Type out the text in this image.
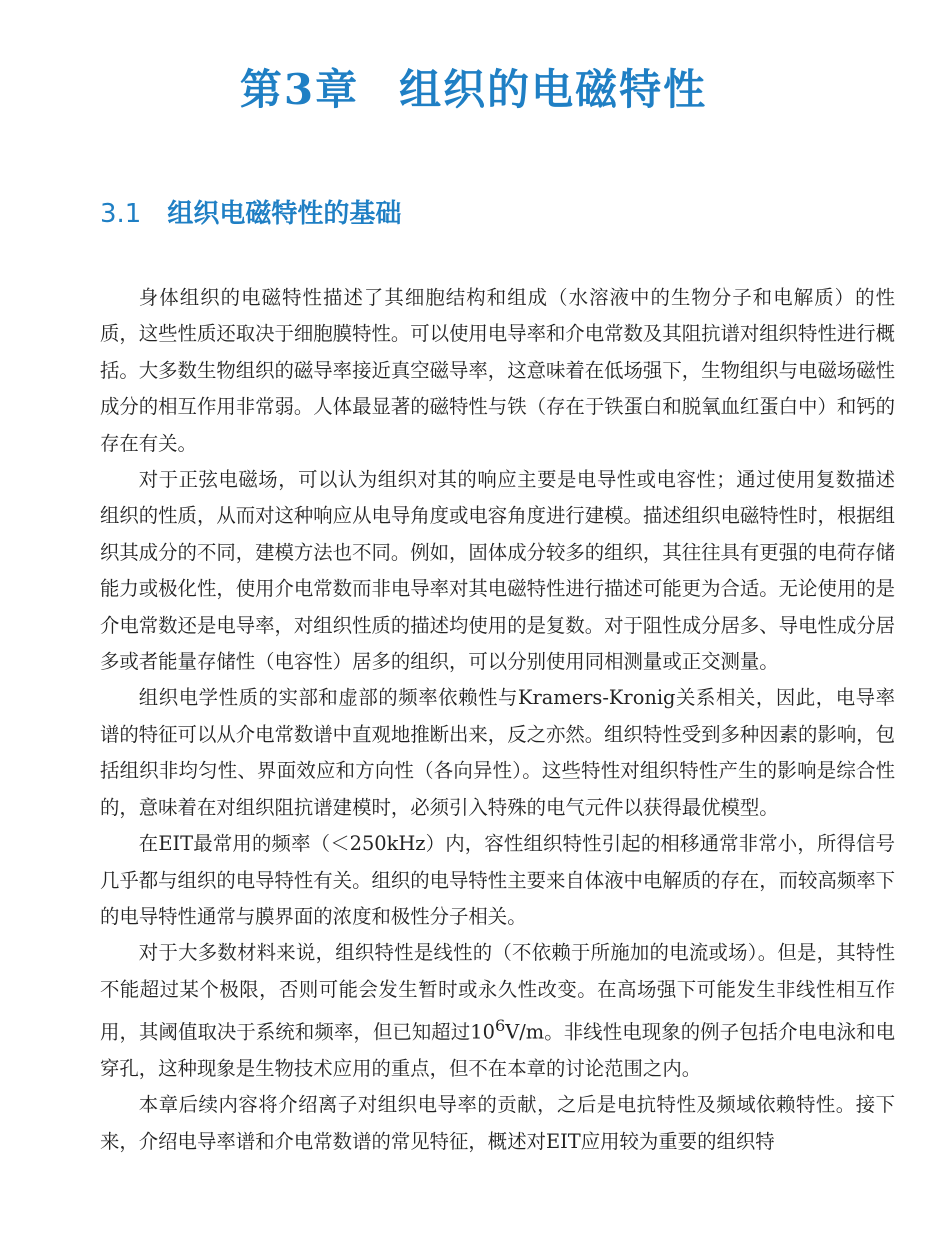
第3章 组织的电磁特性
3.1 组织电磁特性的基础

身体组织的电磁特性描述了其细胞结构和组成（水溶液中的生物分子和电解质）的性质，这些性质还取决于细胞膜特性。可以使用电导率和介电常数及其阻抗谱对组织特性进行概括。大多数生物组织的磁导率接近真空磁导率，这意味着在低场强下，生物组织与电磁场磁性成分的相互作用非常弱。人体最显著的磁特性与铁（存在于铁蛋白和脱氧血红蛋白中）和钙的存在有关。

对于正弦电磁场，可以认为组织对其的响应主要是电导性或电容性；通过使用复数描述组织的性质，从而对这种响应从电导角度或电容角度进行建模。描述组织电磁特性时，根据组织其成分的不同，建模方法也不同。例如，固体成分较多的组织，其往往具有更强的电荷存储能力或极化性，使用介电常数而非电导率对其电磁特性进行描述可能更为合适。无论使用的是介电常数还是电导率，对组织性质的描述均使用的是复数。对于阻性成分居多、导电性成分居多或者能量存储性（电容性）居多的组织，可以分别使用同相测量或正交测量。

组织电学性质的实部和虚部的频率依赖性与Kramers-Kronig关系相关，因此，电导率谱的特征可以从介电常数谱中直观地推断出来，反之亦然。组织特性受到多种因素的影响，包括组织非均匀性、界面效应和方向性（各向异性）。这些特性对组织特性产生的影响是综合性的，意味着在对组织阻抗谱建模时，必须引入特殊的电气元件以获得最优模型。

在EIT最常用的频率（＜250kHz）内，容性组织特性引起的相移通常非常小，所得信号几乎都与组织的电导特性有关。组织的电导特性主要来自体液中电解质的存在，而较高频率下的电导特性通常与膜界面的浓度和极性分子相关。

对于大多数材料来说，组织特性是线性的（不依赖于所施加的电流或场）。但是，其特性不能超过某个极限，否则可能会发生暂时或永久性改变。在高场强下可能发生非线性相互作用，其阈值取决于系统和频率，但已知超过$10^6V/m$。非线性电现象的例子包括介电电泳和电穿孔，这种现象是生物技术应用的重点，但不在本章的讨论范围之内。

本章后续内容将介绍离子对组织电导率的贡献，之后是电抗特性及频域依赖特性。接下来，介绍电导率谱和介电常数谱的常见特征，概述对EIT应用较为重要的组织特
